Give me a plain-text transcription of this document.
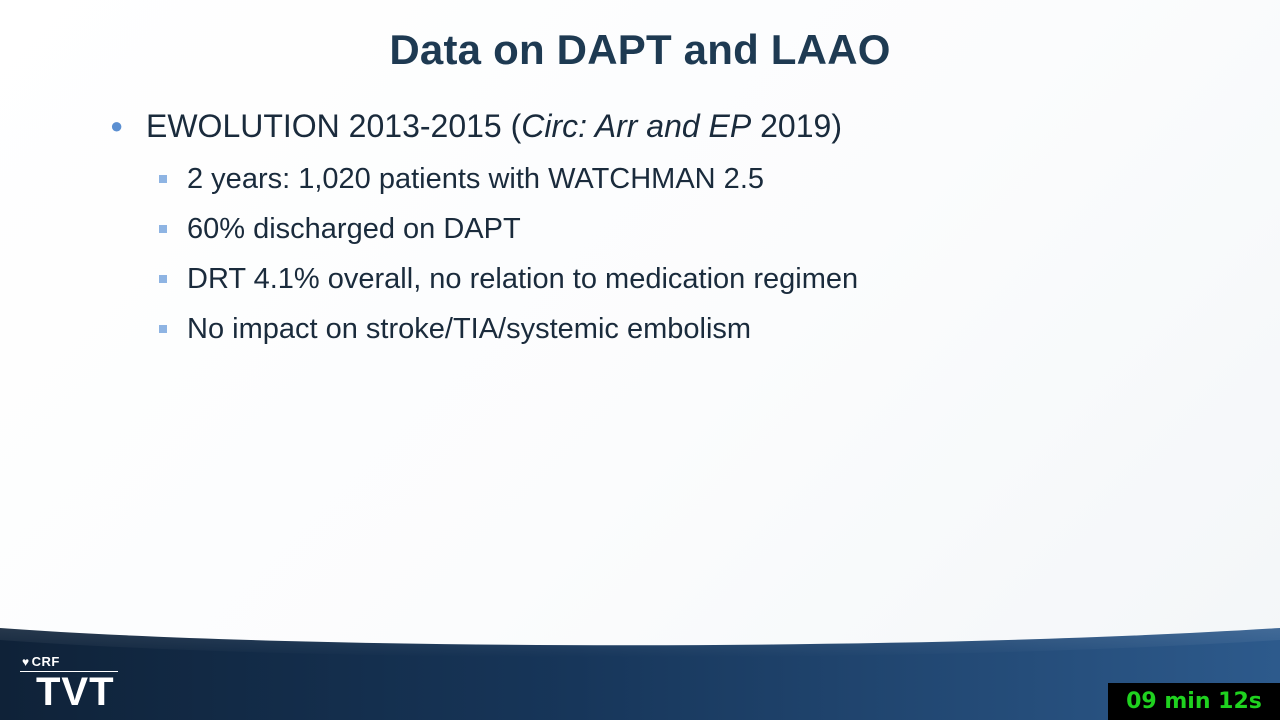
Data on DAPT and LAAO
● EWOLUTION 2013-2015 (Circ: Arr and EP 2019)
2 years: 1,020 patients with WATCHMAN 2.5
60% discharged on DAPT
DRT 4.1% overall, no relation to medication regimen
No impact on stroke/TIA/systemic embolism
♥ CRF
TVT	09 min 12s
